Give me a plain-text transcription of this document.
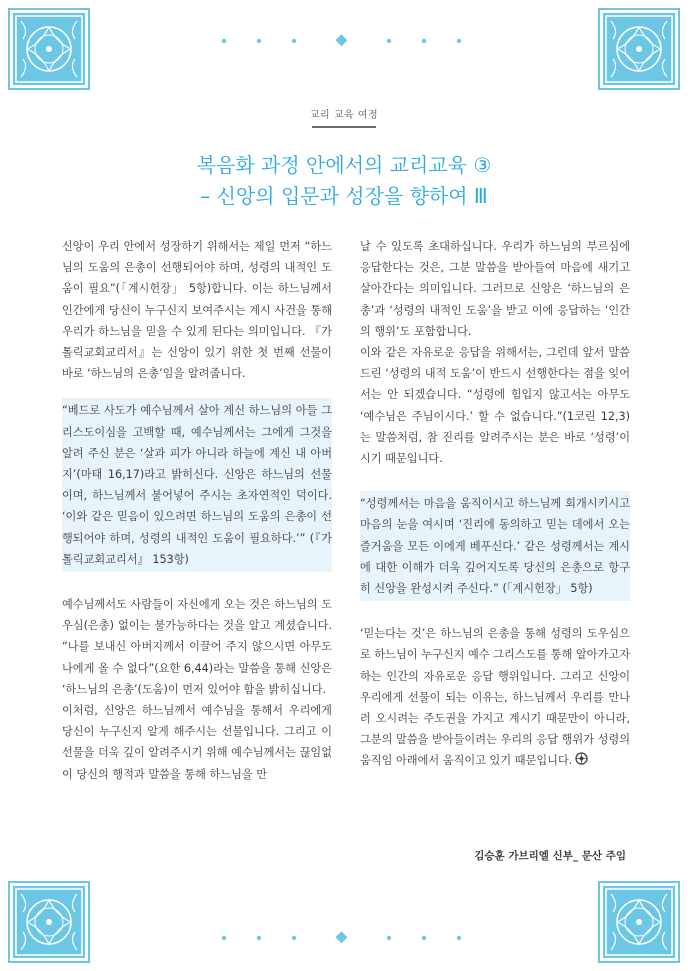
교리 교육 여정
복음화 과정 안에서의 교리교육 ③
– 신앙의 입문과 성장을 향하여 Ⅲ

신앙이 우리 안에서 성장하기 위해서는 제일 먼저 “하느님의 도움의 은총이 선행되어야 하며, 성령의 내적인 도움이 필요”(「계시헌장」 5항)합니다. 이는 하느님께서 인간에게 당신이 누구신지 보여주시는 계시 사건을 통해 우리가 하느님을 믿을 수 있게 된다는 의미입니다. 『가톨릭교회교리서』는 신앙이 있기 위한 첫 번째 선물이 바로 ‘하느님의 은총’임을 알려줍니다.

“베드로 사도가 예수님께서 살아 계신 하느님의 아들 그리스도이심을 고백할 때, 예수님께서는 그에게 그것을 알려 주신 분은 ‘살과 피가 아니라 하늘에 계신 내 아버지’(마태 16,17)라고 밝히신다. 신앙은 하느님의 선물이며, 하느님께서 불어넣어 주시는 초자연적인 덕이다. ‘이와 같은 믿음이 있으려면 하느님의 도움의 은총이 선행되어야 하며, 성령의 내적인 도움이 필요하다.’” (『가톨릭교회교리서』 153항)

예수님께서도 사람들이 자신에게 오는 것은 하느님의 도우심(은총) 없이는 불가능하다는 것을 알고 계셨습니다. “나를 보내신 아버지께서 이끌어 주지 않으시면 아무도 나에게 올 수 없다”(요한 6,44)라는 말씀을 통해 신앙은 ‘하느님의 은총’(도움)이 먼저 있어야 함을 밝히십니다.

이처럼, 신앙은 하느님께서 예수님을 통해서 우리에게 당신이 누구신지 알게 해주시는 선물입니다. 그리고 이 선물을 더욱 깊이 알려주시기 위해 예수님께서는 끊임없이 당신의 행적과 말씀을 통해 하느님을 만

날 수 있도록 초대하십니다. 우리가 하느님의 부르심에 응답한다는 것은, 그분 말씀을 받아들여 마음에 새기고 살아간다는 의미입니다. 그러므로 신앙은 ‘하느님의 은총’과 ‘성령의 내적인 도움’을 받고 이에 응답하는 ‘인간의 행위’도 포함합니다.

이와 같은 자유로운 응답을 위해서는, 그런데 앞서 말씀드린 ‘성령의 내적 도움’이 반드시 선행한다는 점을 잊어서는 안 되겠습니다. “성령에 힘입지 않고서는 아무도 ‘예수님은 주님이시다.’ 할 수 없습니다.”(1코린 12,3)는 말씀처럼, 참 진리를 알려주시는 분은 바로 ‘성령’이시기 때문입니다.

“성령께서는 마음을 움직이시고 하느님께 회개시키시고 마음의 눈을 여시며 ‘진리에 동의하고 믿는 데에서 오는 즐거움을 모든 이에게 베푸신다.’ 같은 성령께서는 계시에 대한 이해가 더욱 깊어지도록 당신의 은총으로 항구히 신앙을 완성시켜 주신다.” (「계시헌장」 5항)

‘믿는다는 것’은 하느님의 은총을 통해 성령의 도우심으로 하느님이 누구신지 예수 그리스도를 통해 알아가고자 하는 인간의 자유로운 응답 행위입니다. 그리고 신앙이 우리에게 선물이 되는 이유는, 하느님께서 우리를 만나러 오시려는 주도권을 가지고 계시기 때문만이 아니라, 그분의 말씀을 받아들이려는 우리의 응답 행위가 성령의 움직임 아래에서 움직이고 있기 때문입니다.

김승훈 가브리엘 신부_ 문산 주임
